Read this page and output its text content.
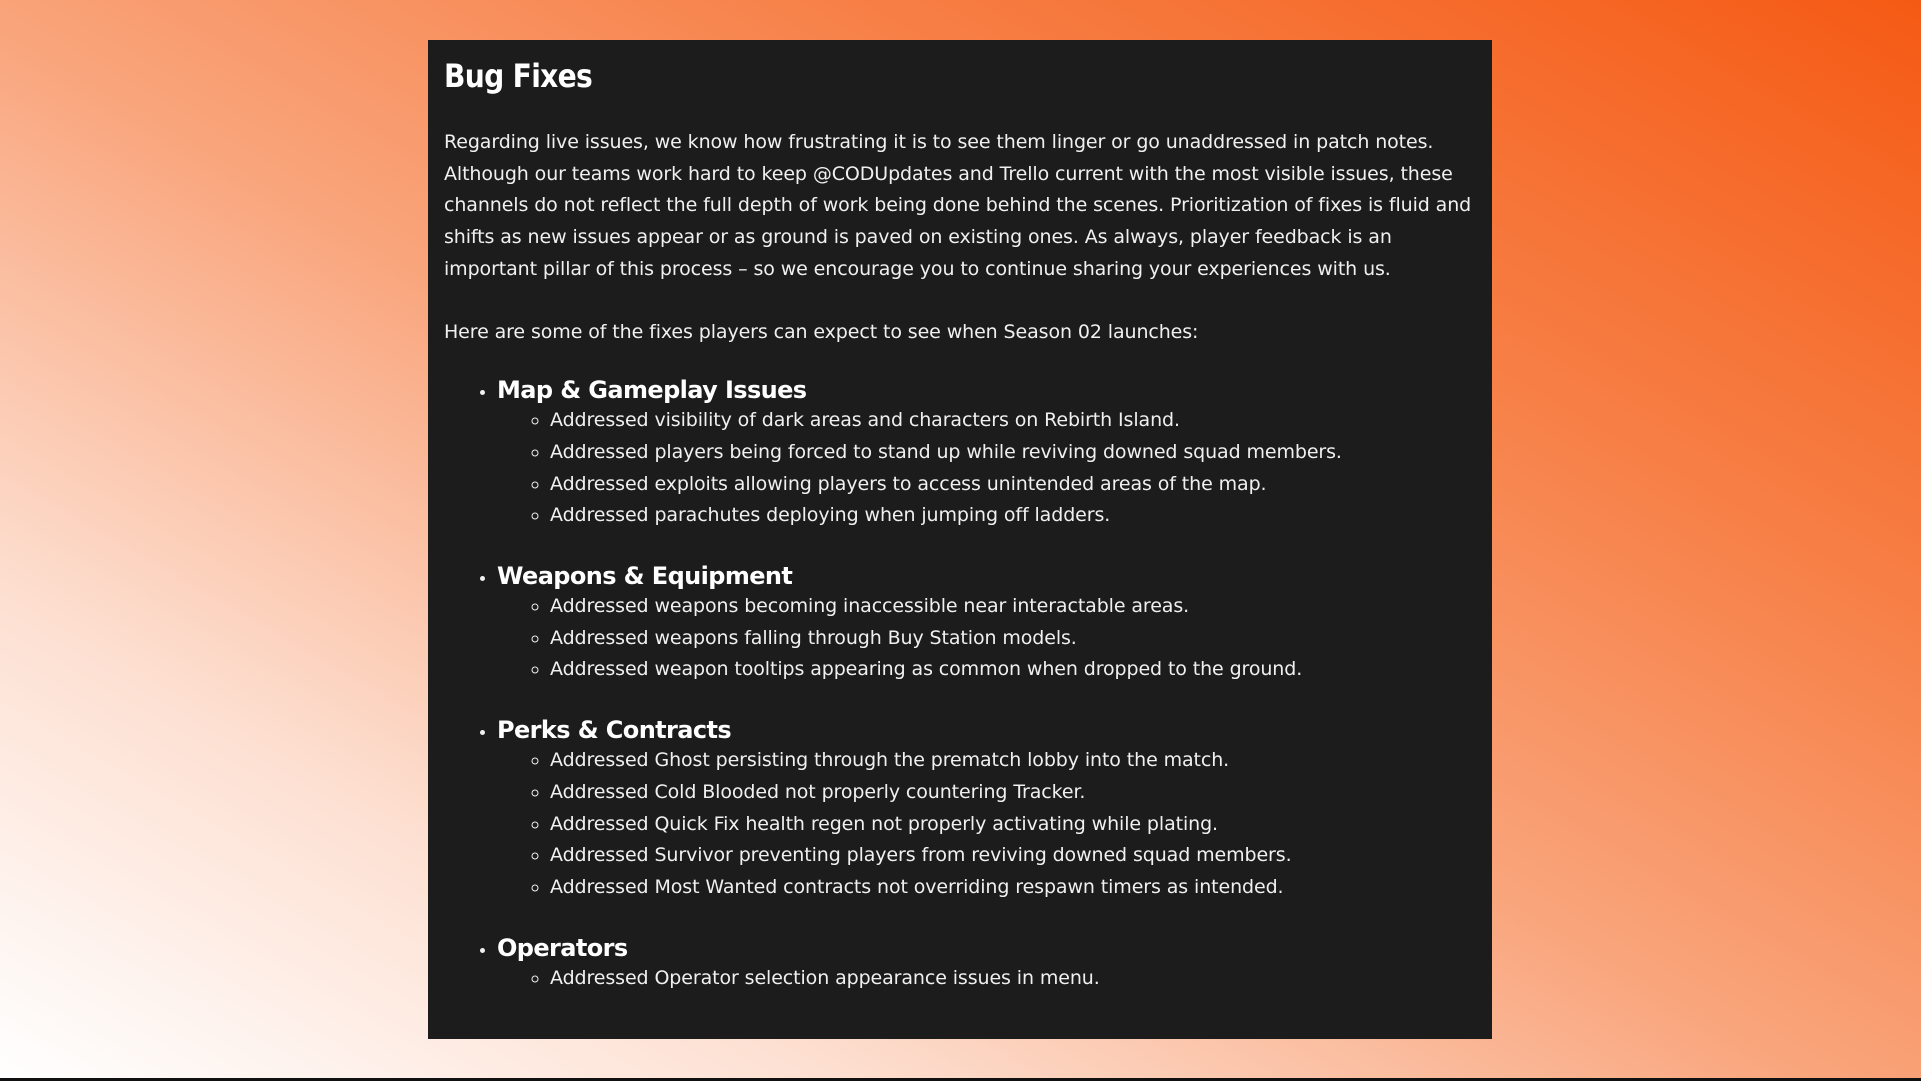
Bug Fixes

Regarding live issues, we know how frustrating it is to see them linger or go unaddressed in patch notes. Although our teams work hard to keep @CODUpdates and Trello current with the most visible issues, these channels do not reflect the full depth of work being done behind the scenes. Prioritization of fixes is fluid and shifts as new issues appear or as ground is paved on existing ones. As always, player feedback is an important pillar of this process – so we encourage you to continue sharing your experiences with us.

Here are some of the fixes players can expect to see when Season 02 launches:

• Map & Gameplay Issues
◦ Addressed visibility of dark areas and characters on Rebirth Island.
◦ Addressed players being forced to stand up while reviving downed squad members.
◦ Addressed exploits allowing players to access unintended areas of the map.
◦ Addressed parachutes deploying when jumping off ladders.
• Weapons & Equipment
◦ Addressed weapons becoming inaccessible near interactable areas.
◦ Addressed weapons falling through Buy Station models.
◦ Addressed weapon tooltips appearing as common when dropped to the ground.
• Perks & Contracts
◦ Addressed Ghost persisting through the prematch lobby into the match.
◦ Addressed Cold Blooded not properly countering Tracker.
◦ Addressed Quick Fix health regen not properly activating while plating.
◦ Addressed Survivor preventing players from reviving downed squad members.
◦ Addressed Most Wanted contracts not overriding respawn timers as intended.
• Operators
◦ Addressed Operator selection appearance issues in menu.
